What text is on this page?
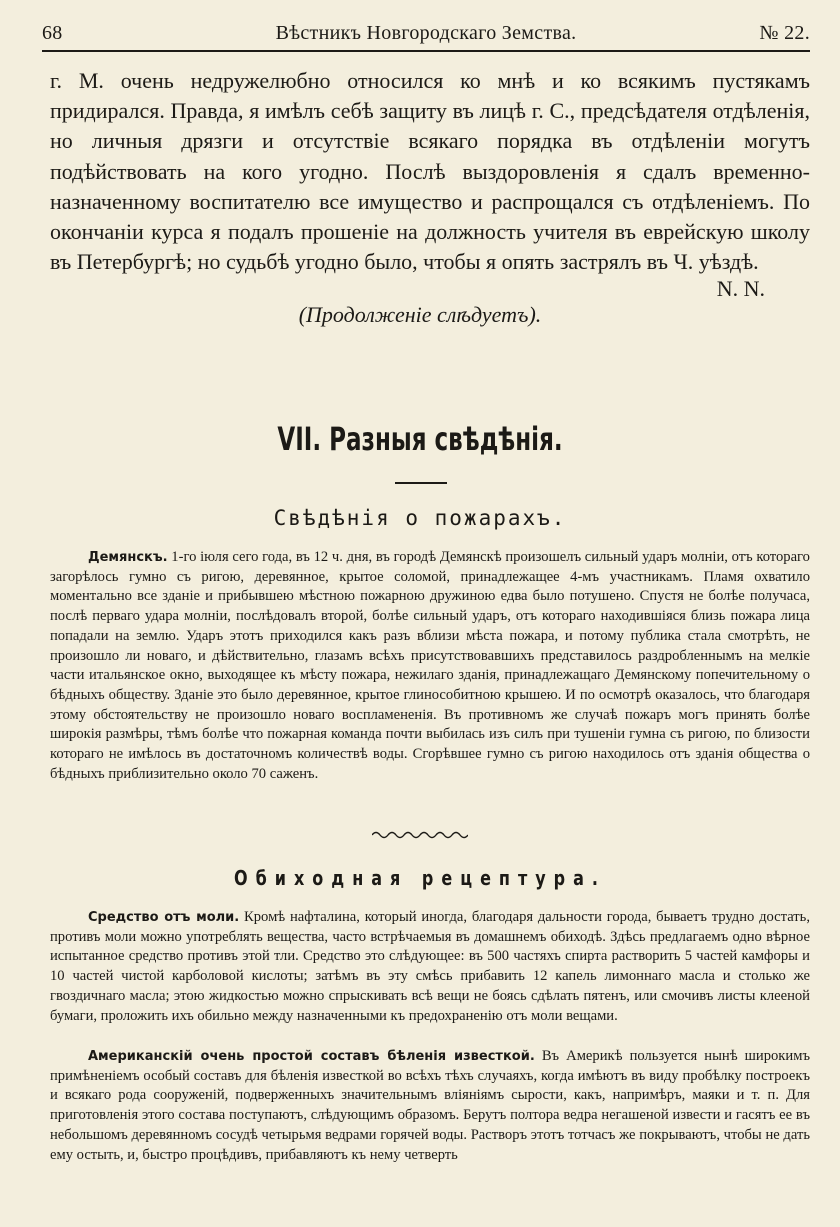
68	Вѣстникъ Новгородскаго Земства.	№ 22.

г. М. очень недружелюбно относился ко мнѣ и ко всякимъ пустякамъ придирался. Правда, я имѣлъ себѣ защиту въ лицѣ г. С., предсѣдателя отдѣленія, но личныя дрязги и отсутствіе всякаго порядка въ отдѣленіи могутъ подѣйствовать на кого угодно. Послѣ выздоровленія я сдалъ временно-назначенному воспитателю все имущество и распрощался съ отдѣленіемъ. По окончаніи курса я подалъ прошеніе на должность учителя въ еврейскую школу въ Петербургѣ; но судьбѣ угодно было, чтобы я опять застрялъ въ Ч. уѣздѣ.

N. N.
(Продолженіе слѣдуетъ).
VII. Разныя свѣдѣнія.
Свѣдѣнія о пожарахъ.

Демянскъ. 1-го іюля сего года, въ 12 ч. дня, въ городѣ Демянскѣ произошелъ сильный ударъ молніи, отъ котораго загорѣлось гумно съ ригою, деревянное, крытое соломой, принадлежащее 4-мъ участникамъ. Пламя охватило моментально все зданіе и прибывшею мѣстною пожарною дружиною едва было потушено. Спустя не болѣе получаса, послѣ перваго удара молніи, послѣдовалъ второй, болѣе сильный ударъ, отъ котораго находившіяся близь пожара лица попадали на землю. Ударъ этотъ приходился какъ разъ вблизи мѣста пожара, и потому публика стала смотрѣть, не произошло ли новаго, и дѣйствительно, глазамъ всѣхъ присутствовавшихъ представилось раздробленнымъ на мелкіе части итальянское окно, выходящее къ мѣсту пожара, нежилаго зданія, принадлежащаго Демянскому попечительному о бѣдныхъ обществу. Зданіе это было деревянное, крытое глинособитною крышею. И по осмотрѣ оказалось, что благодаря этому обстоятельству не произошло новаго воспламененія. Въ противномъ же случаѣ пожаръ могъ принять болѣе широкія размѣры, тѣмъ болѣе что пожарная команда почти выбилась изъ силъ при тушеніи гумна съ ригою, по близости котораго не имѣлось въ достаточномъ количествѣ воды. Сгорѣвшее гумно съ ригою находилось отъ зданія общества о бѣдныхъ приблизительно около 70 саженъ.

Обиходная рецептура.

Средство отъ моли. Кромѣ нафталина, который иногда, благодаря дальности города, бываетъ трудно достать, противъ моли можно употреблять вещества, часто встрѣчаемыя въ домашнемъ обиходѣ. Здѣсь предлагаемъ одно вѣрное испытанное средство противъ этой тли. Средство это слѣдующее: въ 500 частяхъ спирта растворить 5 частей камфоры и 10 частей чистой карболовой кислоты; затѣмъ въ эту смѣсь прибавить 12 капель лимоннаго масла и столько же гвоздичнаго масла; этою жидкостью можно спрыскивать всѣ вещи не боясь сдѣлать пятенъ, или смочивъ листы клееной бумаги, проложить ихъ обильно между назначенными къ предохраненію отъ моли вещами.

Американскій очень простой составъ бѣленія известкой. Въ Америкѣ пользуется нынѣ широкимъ примѣненіемъ особый составъ для бѣленія известкой во всѣхъ тѣхъ случаяхъ, когда имѣютъ въ виду пробѣлку построекъ и всякаго рода сооруженій, подверженныхъ значительнымъ вліяніямъ сырости, какъ, напримѣръ, маяки и т. п. Для приготовленія этого состава поступаютъ, слѣдующимъ образомъ. Берутъ полтора ведра негашеной извести и гасятъ ее въ небольшомъ деревянномъ сосудѣ четырьмя ведрами горячей воды. Растворъ этотъ тотчасъ же покрываютъ, чтобы не дать ему остыть, и, быстро процѣдивъ, прибавляютъ къ нему четверть
